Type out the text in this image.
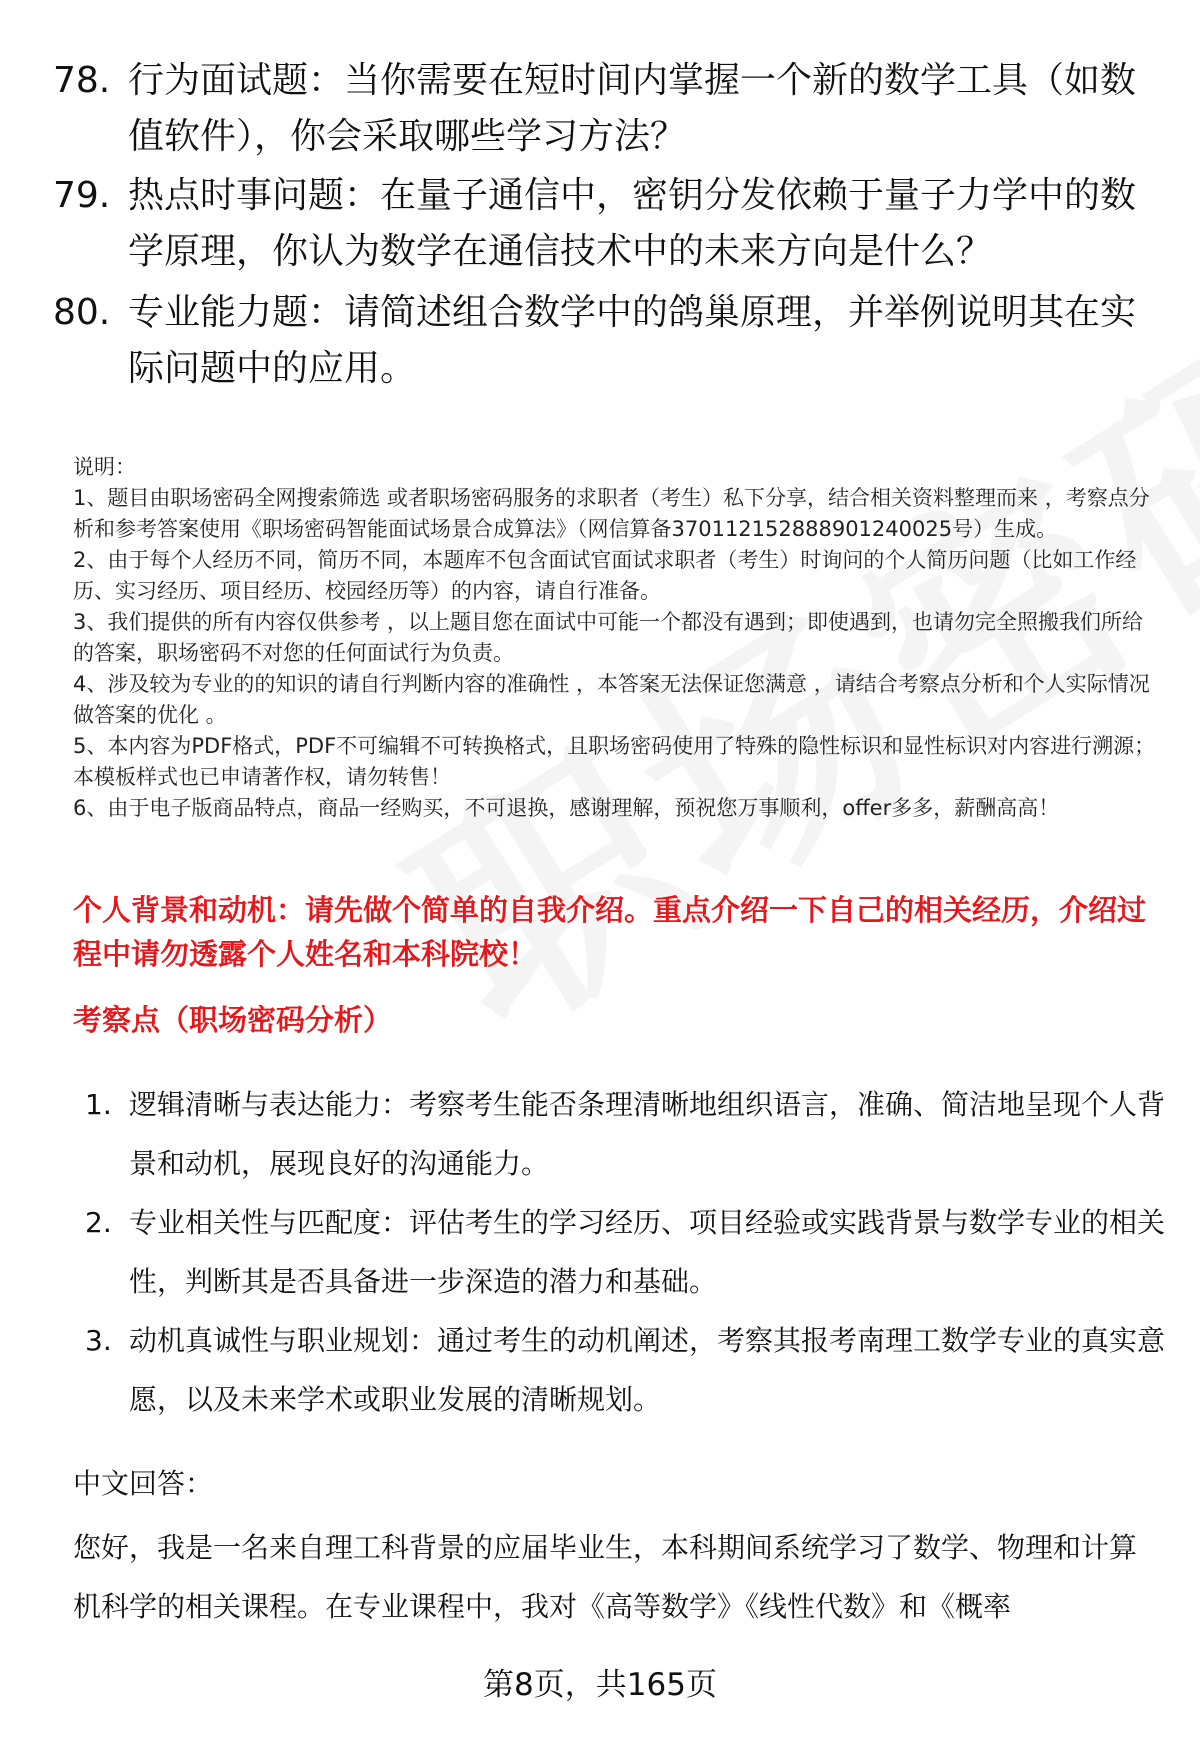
78. 行为面试题：当你需要在短时间内掌握一个新的数学工具（如数值软件），你会采取哪些学习方法？
79. 热点时事问题：在量子通信中，密钥分发依赖于量子力学中的数学原理，你认为数学在通信技术中的未来方向是什么？
80. 专业能力题：请简述组合数学中的鸽巢原理，并举例说明其在实际问题中的应用。
说明：
1、题目由职场密码全网搜索筛选 或者职场密码服务的求职者（考生）私下分享，结合相关资料整理而来 ，考察点分析和参考答案使用《职场密码智能面试场景合成算法》（网信算备370112152888901240025号）生成。
2、由于每个人经历不同，简历不同，本题库不包含面试官面试求职者（考生）时询问的个人简历问题（比如工作经历、实习经历、项目经历、校园经历等）的内容，请自行准备。
3、我们提供的所有内容仅供参考 ，以上题目您在面试中可能一个都没有遇到；即使遇到，也请勿完全照搬我们所给的答案，职场密码不对您的任何面试行为负责。
4、涉及较为专业的的知识的请自行判断内容的准确性 ，本答案无法保证您满意 ，请结合考察点分析和个人实际情况做答案的优化 。
5、本内容为PDF格式，PDF不可编辑不可转换格式，且职场密码使用了特殊的隐性标识和显性标识对内容进行溯源；本模板样式也已申请著作权，请勿转售！
6、由于电子版商品特点，商品一经购买，不可退换，感谢理解，预祝您万事顺利，offer多多，薪酬高高！
个人背景和动机：请先做个简单的自我介绍。重点介绍一下自己的相关经历，介绍过程中请勿透露个人姓名和本科院校！
考察点（职场密码分析）
1. 逻辑清晰与表达能力：考察考生能否条理清晰地组织语言，准确、简洁地呈现个人背景和动机，展现良好的沟通能力。
2. 专业相关性与匹配度：评估考生的学习经历、项目经验或实践背景与数学专业的相关性，判断其是否具备进一步深造的潜力和基础。
3. 动机真诚性与职业规划：通过考生的动机阐述，考察其报考南理工数学专业的真实意愿，以及未来学术或职业发展的清晰规划。
中文回答：
您好，我是一名来自理工科背景的应届毕业生，本科期间系统学习了数学、物理和计算机科学的相关课程。在专业课程中，我对《高等数学》《线性代数》和《概率
第8页，共165页
